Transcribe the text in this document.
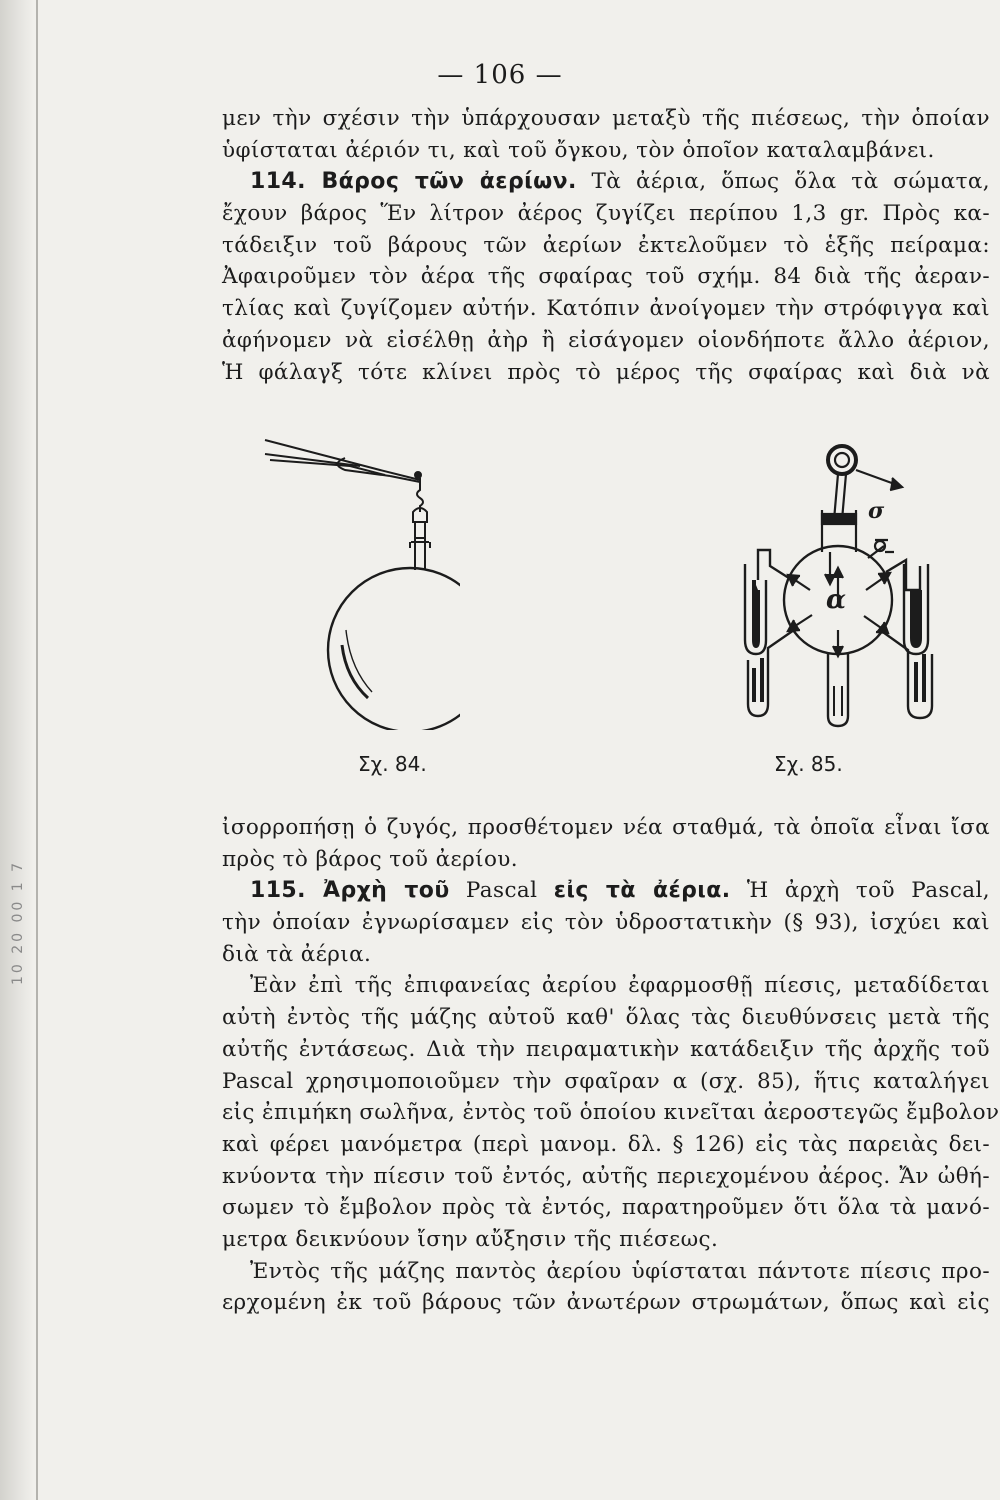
10 20 00 1 7
— 106 —
μεν τὴν σχέσιν τὴν ὑπάρχουσαν μεταξὺ τῆς πιέσεως, τὴν ὁποίαν
ὑφίσταται ἀέριόν τι, καὶ τοῦ ὄγκου, τὸν ὁποῖον καταλαμβάνει.
114. Βάρος τῶν ἀερίων. Τὰ ἀέρια, ὅπως ὅλα τὰ σώματα,
ἔχουν βάρος Ἕν λίτρον ἀέρος ζυγίζει περίπου 1,3 gr. Πρὸς κα-
τάδειξιν τοῦ βάρους τῶν ἀερίων ἐκτελοῦμεν τὸ ἑξῆς πείραμα:
Ἀφαιροῦμεν τὸν ἀέρα τῆς σφαίρας τοῦ σχήμ. 84 διὰ τῆς ἀεραν-
τλίας καὶ ζυγίζομεν αὐτήν. Κατόπιν ἀνοίγομεν τὴν στρόφιγγα καὶ
ἀφήνομεν νὰ εἰσέλθῃ ἀὴρ ἢ εἰσάγομεν οἱονδήποτε ἄλλο ἀέριον,
Ἡ φάλαγξ τότε κλίνει πρὸς τὸ μέρος τῆς σφαίρας καὶ διὰ νὰ
α
σ
Σχ. 84.	Σχ. 85.
ἰσορροπήσῃ ὁ ζυγός, προσθέτομεν νέα σταθμά, τὰ ὁποῖα εἶναι ἴσα
πρὸς τὸ βάρος τοῦ ἀερίου.
115. Ἀρχὴ τοῦ Pascal εἰς τὰ ἀέρια. Ἡ ἀρχὴ τοῦ Pascal,
τὴν ὁποίαν ἐγνωρίσαμεν εἰς τὸν ὑδροστατικὴν (§ 93), ἰσχύει καὶ
διὰ τὰ ἀέρια.
Ἐὰν ἐπὶ τῆς ἐπιφανείας ἀερίου ἐφαρμοσθῇ πίεσις, μεταδίδεται
αὐτὴ ἐντὸς τῆς μάζης αὐτοῦ καθ' ὅλας τὰς διευθύνσεις μετὰ τῆς
αὐτῆς ἐντάσεως. Διὰ τὴν πειραματικὴν κατάδειξιν τῆς ἀρχῆς τοῦ
Pascal χρησιμοποιοῦμεν τὴν σφαῖραν α (σχ. 85), ἥτις καταλήγει
εἰς ἐπιμήκη σωλῆνα, ἐντὸς τοῦ ὁποίου κινεῖται ἀεροστεγῶς ἔμβολον
καὶ φέρει μανόμετρα (περὶ μανομ. δλ. § 126) εἰς τὰς παρειὰς δει-
κνύοντα τὴν πίεσιν τοῦ ἐντός, αὐτῆς περιεχομένου ἀέρος. Ἄν ὠθή-
σωμεν τὸ ἔμβολον πρὸς τὰ ἐντός, παρατηροῦμεν ὅτι ὅλα τὰ μανό-
μετρα δεικνύουν ἴσην αὔξησιν τῆς πιέσεως.
Ἐντὸς τῆς μάζης παντὸς ἀερίου ὑφίσταται πάντοτε πίεσις προ-
ερχομένη ἐκ τοῦ βάρους τῶν ἀνωτέρων στρωμάτων, ὅπως καὶ εἰς
